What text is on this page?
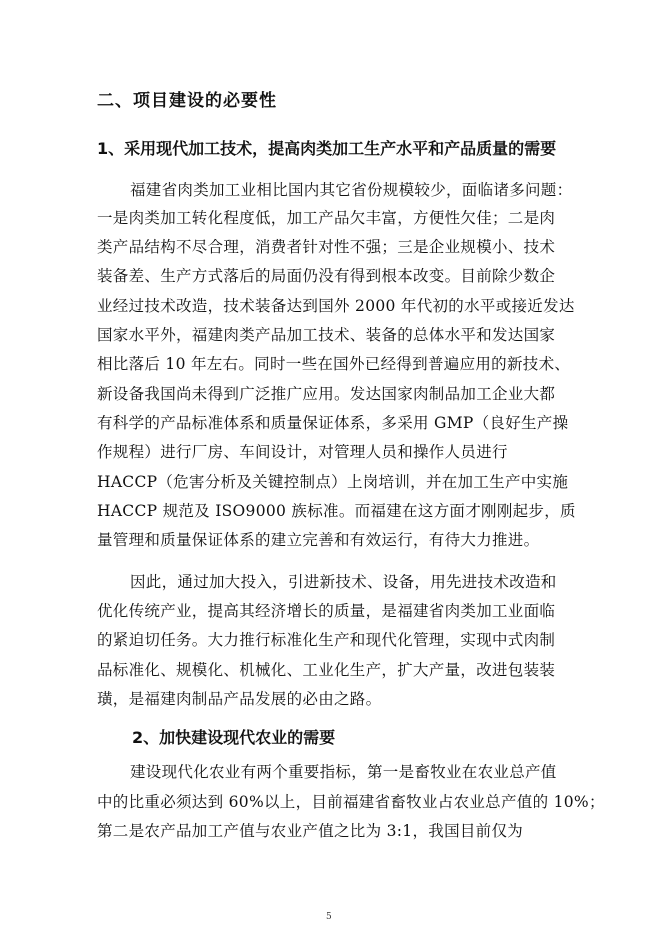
二、项目建设的必要性
1、采用现代加工技术，提高肉类加工生产水平和产品质量的需要
福建省肉类加工业相比国内其它省份规模较少，面临诸多问题：
一是肉类加工转化程度低，加工产品欠丰富，方便性欠佳；二是肉
类产品结构不尽合理，消费者针对性不强；三是企业规模小、技术
装备差、生产方式落后的局面仍没有得到根本改变。目前除少数企
业经过技术改造，技术装备达到国外 2000 年代初的水平或接近发达
国家水平外，福建肉类产品加工技术、装备的总体水平和发达国家
相比落后 10 年左右。同时一些在国外已经得到普遍应用的新技术、
新设备我国尚未得到广泛推广应用。发达国家肉制品加工企业大都
有科学的产品标准体系和质量保证体系，多采用 GMP（良好生产操
作规程）进行厂房、车间设计，对管理人员和操作人员进行
HACCP（危害分析及关键控制点）上岗培训，并在加工生产中实施
HACCP 规范及 ISO9000 族标准。而福建在这方面才刚刚起步，质
量管理和质量保证体系的建立完善和有效运行，有待大力推进。
因此，通过加大投入，引进新技术、设备，用先进技术改造和
优化传统产业，提高其经济增长的质量，是福建省肉类加工业面临
的紧迫切任务。大力推行标准化生产和现代化管理，实现中式肉制
品标准化、规模化、机械化、工业化生产，扩大产量，改进包装装
璜，是福建肉制品产品发展的必由之路。
2、加快建设现代农业的需要
建设现代化农业有两个重要指标，第一是畜牧业在农业总产值
中的比重必须达到 60%以上，目前福建省畜牧业占农业总产值的 10%；
第二是农产品加工产值与农业产值之比为 3:1，我国目前仅为
5
